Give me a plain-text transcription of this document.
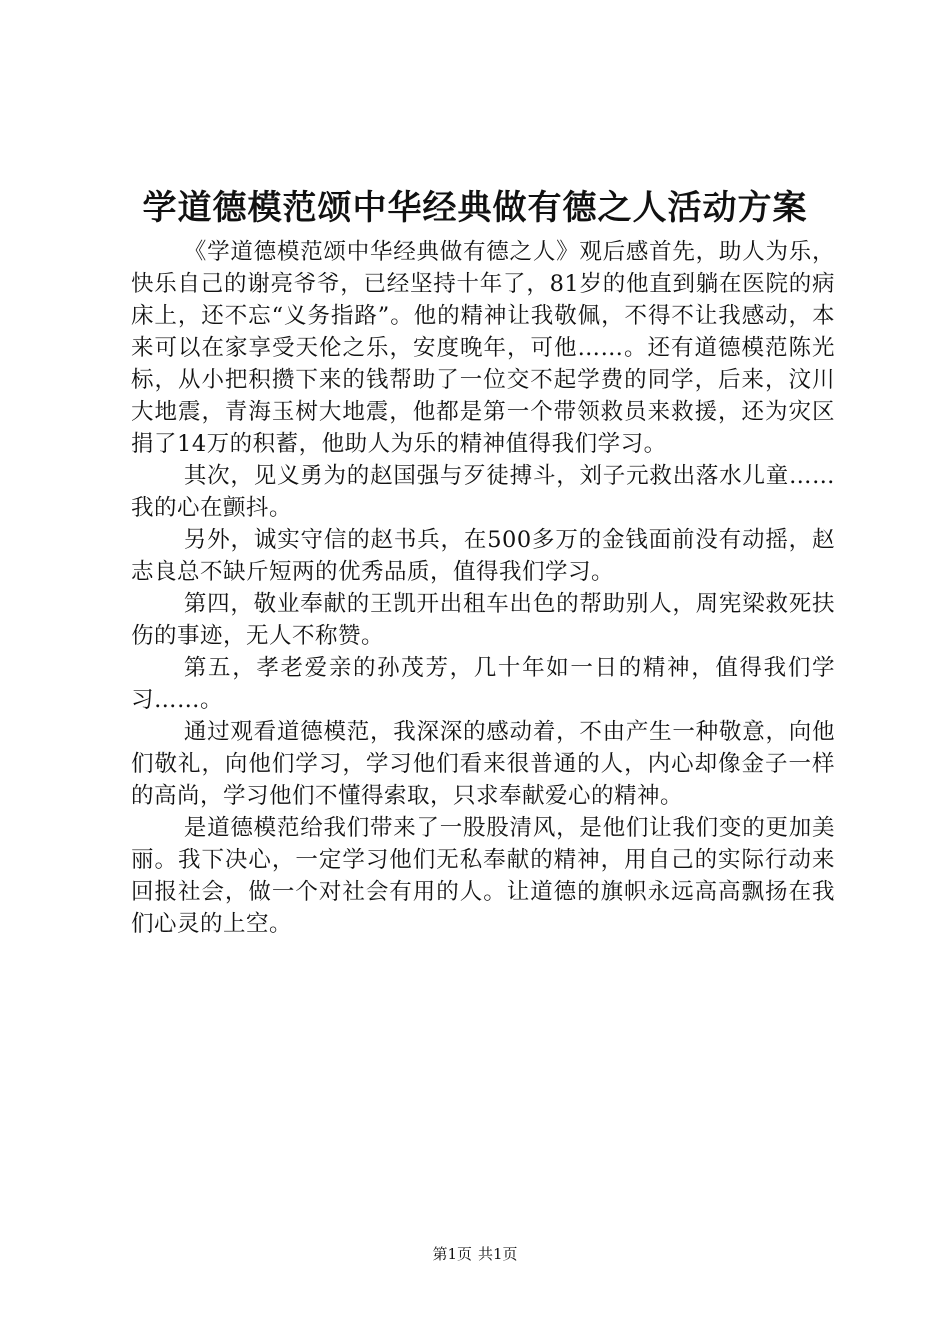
学道德模范颂中华经典做有德之人活动方案

《学道德模范颂中华经典做有德之人》观后感首先，助人为乐，快乐自己的谢亮爷爷，已经坚持十年了，81岁的他直到躺在医院的病床上，还不忘“义务指路”。他的精神让我敬佩，不得不让我感动，本来可以在家享受天伦之乐，安度晚年，可他……。还有道德模范陈光标，从小把积攒下来的钱帮助了一位交不起学费的同学，后来，汶川大地震，青海玉树大地震，他都是第一个带领救员来救援，还为灾区捐了14万的积蓄，他助人为乐的精神值得我们学习。

其次，见义勇为的赵国强与歹徒搏斗，刘子元救出落水儿童……我的心在颤抖。

另外，诚实守信的赵书兵，在500多万的金钱面前没有动摇，赵志良总不缺斤短两的优秀品质，值得我们学习。

第四，敬业奉献的王凯开出租车出色的帮助别人，周宪梁救死扶伤的事迹，无人不称赞。

第五，孝老爱亲的孙茂芳，几十年如一日的精神，值得我们学习……。

通过观看道德模范，我深深的感动着，不由产生一种敬意，向他们敬礼，向他们学习，学习他们看来很普通的人，内心却像金子一样的高尚，学习他们不懂得索取，只求奉献爱心的精神。

是道德模范给我们带来了一股股清风，是他们让我们变的更加美丽。我下决心，一定学习他们无私奉献的精神，用自己的实际行动来回报社会，做一个对社会有用的人。让道德的旗帜永远高高飘扬在我们心灵的上空。

第1页 共1页
